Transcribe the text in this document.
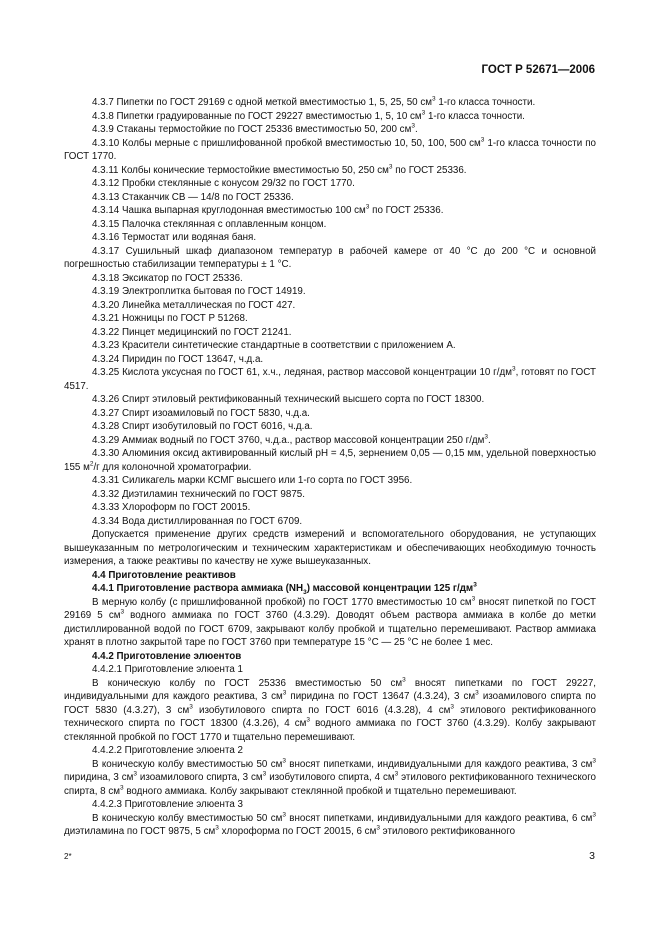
ГОСТ Р 52671—2006

4.3.7 Пипетки по ГОСТ 29169 с одной меткой вместимостью 1, 5, 25, 50 $см^3$ 1-го класса точности.

4.3.8 Пипетки градуированные по ГОСТ 29227 вместимостью 1, 5, 10 $см^3$ 1-го класса точности.

4.3.9 Стаканы термостойкие по ГОСТ 25336 вместимостью 50, 200 $см^3$.

4.3.10 Колбы мерные с пришлифованной пробкой вместимостью 10, 50, 100, 500 $см^3$ 1-го класса точности по ГОСТ 1770.

4.3.11 Колбы конические термостойкие вместимостью 50, 250 $см^3$ по ГОСТ 25336.

4.3.12 Пробки стеклянные с конусом 29/32 по ГОСТ 1770.

4.3.13 Стаканчик СВ — 14/8 по ГОСТ 25336.

4.3.14 Чашка выпарная круглодонная вместимостью 100 $см^3$ по ГОСТ 25336.

4.3.15 Палочка стеклянная с оплавленным концом.

4.3.16 Термостат или водяная баня.

4.3.17 Сушильный шкаф диапазоном температур в рабочей камере от 40 °С до 200 °С и основной погрешностью стабилизации температуры ± 1 °С.

4.3.18 Эксикатор по ГОСТ 25336.

4.3.19 Электроплитка бытовая по ГОСТ 14919.

4.3.20 Линейка металлическая по ГОСТ 427.

4.3.21 Ножницы по ГОСТ Р 51268.

4.3.22 Пинцет медицинский по ГОСТ 21241.

4.3.23 Красители синтетические стандартные в соответствии с приложением А.

4.3.24 Пиридин по ГОСТ 13647, ч.д.а.

4.3.25 Кислота уксусная по ГОСТ 61, х.ч., ледяная, раствор массовой концентрации 10 $г/дм^3$, готовят по ГОСТ 4517.

4.3.26 Спирт этиловый ректификованный технический высшего сорта по ГОСТ 18300.

4.3.27 Спирт изоамиловый по ГОСТ 5830, ч.д.а.

4.3.28 Спирт изобутиловый по ГОСТ 6016, ч.д.а.

4.3.29 Аммиак водный по ГОСТ 3760, ч.д.а., раствор массовой концентрации 250 $г/дм^3$.

4.3.30 Алюминия оксид активированный кислый рН = 4,5, зернением 0,05 — 0,15 мм, удельной поверхностью 155 $м^2/г$ для колоночной хроматографии.

4.3.31 Силикагель марки КСМГ высшего или 1-го сорта по ГОСТ 3956.

4.3.32 Диэтиламин технический по ГОСТ 9875.

4.3.33 Хлороформ по ГОСТ 20015.

4.3.34 Вода дистиллированная по ГОСТ 6709.

Допускается применение других средств измерений и вспомогательного оборудования, не уступающих вышеуказанным по метрологическим и техническим характеристикам и обеспечивающих необходимую точность измерения, а также реактивы по качеству не хуже вышеуказанных.

4.4 Приготовление реактивов

4.4.1 Приготовление раствора аммиака $(NH_3)$ массовой концентрации 125 $г/дм^3$

В мерную колбу (с пришлифованной пробкой) по ГОСТ 1770 вместимостью 10 $см^3$ вносят пипеткой по ГОСТ 29169 5 $см^3$ водного аммиака по ГОСТ 3760 (4.3.29). Доводят объем раствора аммиака в колбе до метки дистиллированной водой по ГОСТ 6709, закрывают колбу пробкой и тщательно перемешивают. Раствор аммиака хранят в плотно закрытой таре по ГОСТ 3760 при температуре 15 °С — 25 °С не более 1 мес.

4.4.2 Приготовление элюентов

4.4.2.1 Приготовление элюента 1

В коническую колбу по ГОСТ 25336 вместимостью 50 $см^3$ вносят пипетками по ГОСТ 29227, индивидуальными для каждого реактива, 3 $см^3$ пиридина по ГОСТ 13647 (4.3.24), 3 $см^3$ изоамилового спирта по ГОСТ 5830 (4.3.27), 3 $см^3$ изобутилового спирта по ГОСТ 6016 (4.3.28), 4 $см^3$ этилового ректификованного технического спирта по ГОСТ 18300 (4.3.26), 4 $см^3$ водного аммиака по ГОСТ 3760 (4.3.29). Колбу закрывают стеклянной пробкой по ГОСТ 1770 и тщательно перемешивают.

4.4.2.2 Приготовление элюента 2

В коническую колбу вместимостью 50 $см^3$ вносят пипетками, индивидуальными для каждого реактива, 3 $см^3$ пиридина, 3 $см^3$ изоамилового спирта, 3 $см^3$ изобутилового спирта, 4 $см^3$ этилового ректификованного технического спирта, 8 $см^3$ водного аммиака. Колбу закрывают стеклянной пробкой и тщательно перемешивают.

4.4.2.3 Приготовление элюента 3

В коническую колбу вместимостью 50 $см^3$ вносят пипетками, индивидуальными для каждого реактива, 6 $см^3$ диэтиламина по ГОСТ 9875, 5 $см^3$ хлороформа по ГОСТ 20015, 6 $см^3$ этилового ректификованного

2*	3
